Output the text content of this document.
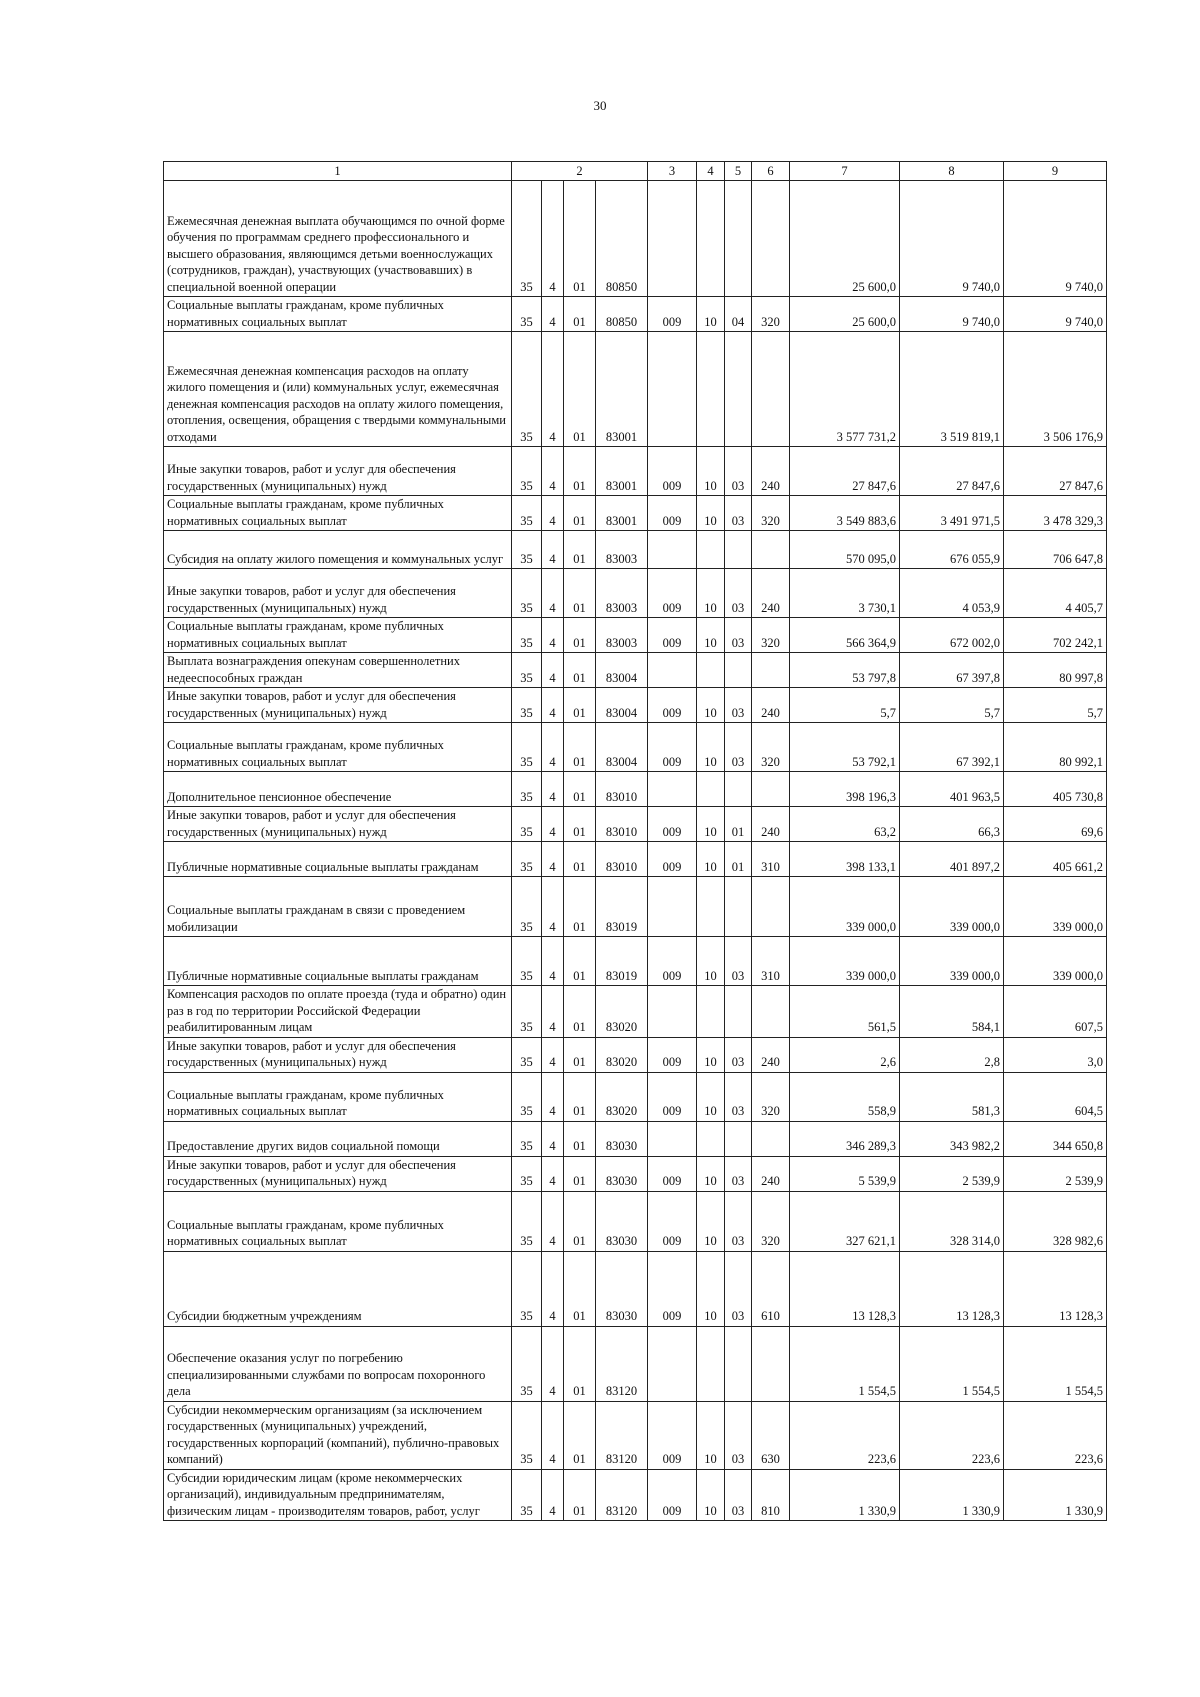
30
1	2				3	4	5	6	7	8	9
Ежемесячная денежная выплата обучающимся по очной форме обучения по программам среднего профессионального и высшего образования, являющимся детьми военнослужащих (сотрудников, граждан), участвующих (участвовавших) в специальной военной операции	35	4	01	80850					25 600,0	9 740,0	9 740,0
Социальные выплаты гражданам, кроме публичных нормативных социальных выплат	35	4	01	80850	009	10	04	320	25 600,0	9 740,0	9 740,0
Ежемесячная денежная компенсация расходов на оплату жилого помещения и (или) коммунальных услуг, ежемесячная денежная компенсация расходов на оплату жилого помещения, отопления, освещения, обращения с твердыми коммунальными отходами	35	4	01	83001					3 577 731,2	3 519 819,1	3 506 176,9
Иные закупки товаров, работ и услуг для обеспечения государственных (муниципальных) нужд	35	4	01	83001	009	10	03	240	27 847,6	27 847,6	27 847,6
Социальные выплаты гражданам, кроме публичных нормативных социальных выплат	35	4	01	83001	009	10	03	320	3 549 883,6	3 491 971,5	3 478 329,3
Субсидия на оплату жилого помещения и коммунальных услуг	35	4	01	83003					570 095,0	676 055,9	706 647,8
Иные закупки товаров, работ и услуг для обеспечения государственных (муниципальных) нужд	35	4	01	83003	009	10	03	240	3 730,1	4 053,9	4 405,7
Социальные выплаты гражданам, кроме публичных нормативных социальных выплат	35	4	01	83003	009	10	03	320	566 364,9	672 002,0	702 242,1
Выплата вознаграждения опекунам совершеннолетних недееспособных граждан	35	4	01	83004					53 797,8	67 397,8	80 997,8
Иные закупки товаров, работ и услуг для обеспечения государственных (муниципальных) нужд	35	4	01	83004	009	10	03	240	5,7	5,7	5,7
Социальные выплаты гражданам, кроме публичных нормативных социальных выплат	35	4	01	83004	009	10	03	320	53 792,1	67 392,1	80 992,1
Дополнительное пенсионное обеспечение	35	4	01	83010					398 196,3	401 963,5	405 730,8
Иные закупки товаров, работ и услуг для обеспечения государственных (муниципальных) нужд	35	4	01	83010	009	10	01	240	63,2	66,3	69,6
Публичные нормативные социальные выплаты гражданам	35	4	01	83010	009	10	01	310	398 133,1	401 897,2	405 661,2
Социальные выплаты гражданам в связи с проведением мобилизации	35	4	01	83019					339 000,0	339 000,0	339 000,0
Публичные нормативные социальные выплаты гражданам	35	4	01	83019	009	10	03	310	339 000,0	339 000,0	339 000,0
Компенсация расходов по оплате проезда (туда и обратно) один раз в год по территории Российской Федерации реабилитированным лицам	35	4	01	83020					561,5	584,1	607,5
Иные закупки товаров, работ и услуг для обеспечения государственных (муниципальных) нужд	35	4	01	83020	009	10	03	240	2,6	2,8	3,0
Социальные выплаты гражданам, кроме публичных нормативных социальных выплат	35	4	01	83020	009	10	03	320	558,9	581,3	604,5
Предоставление других видов социальной помощи	35	4	01	83030					346 289,3	343 982,2	344 650,8
Иные закупки товаров, работ и услуг для обеспечения государственных (муниципальных) нужд	35	4	01	83030	009	10	03	240	5 539,9	2 539,9	2 539,9
Социальные выплаты гражданам, кроме публичных нормативных социальных выплат	35	4	01	83030	009	10	03	320	327 621,1	328 314,0	328 982,6
Субсидии бюджетным учреждениям	35	4	01	83030	009	10	03	610	13 128,3	13 128,3	13 128,3
Обеспечение оказания услуг по погребению специализированными службами по вопросам похоронного дела	35	4	01	83120					1 554,5	1 554,5	1 554,5
Субсидии некоммерческим организациям (за исключением государственных (муниципальных) учреждений, государственных корпораций (компаний), публично-правовых компаний)	35	4	01	83120	009	10	03	630	223,6	223,6	223,6
Субсидии юридическим лицам (кроме некоммерческих организаций), индивидуальным предпринимателям, физическим лицам - производителям товаров, работ, услуг	35	4	01	83120	009	10	03	810	1 330,9	1 330,9	1 330,9
